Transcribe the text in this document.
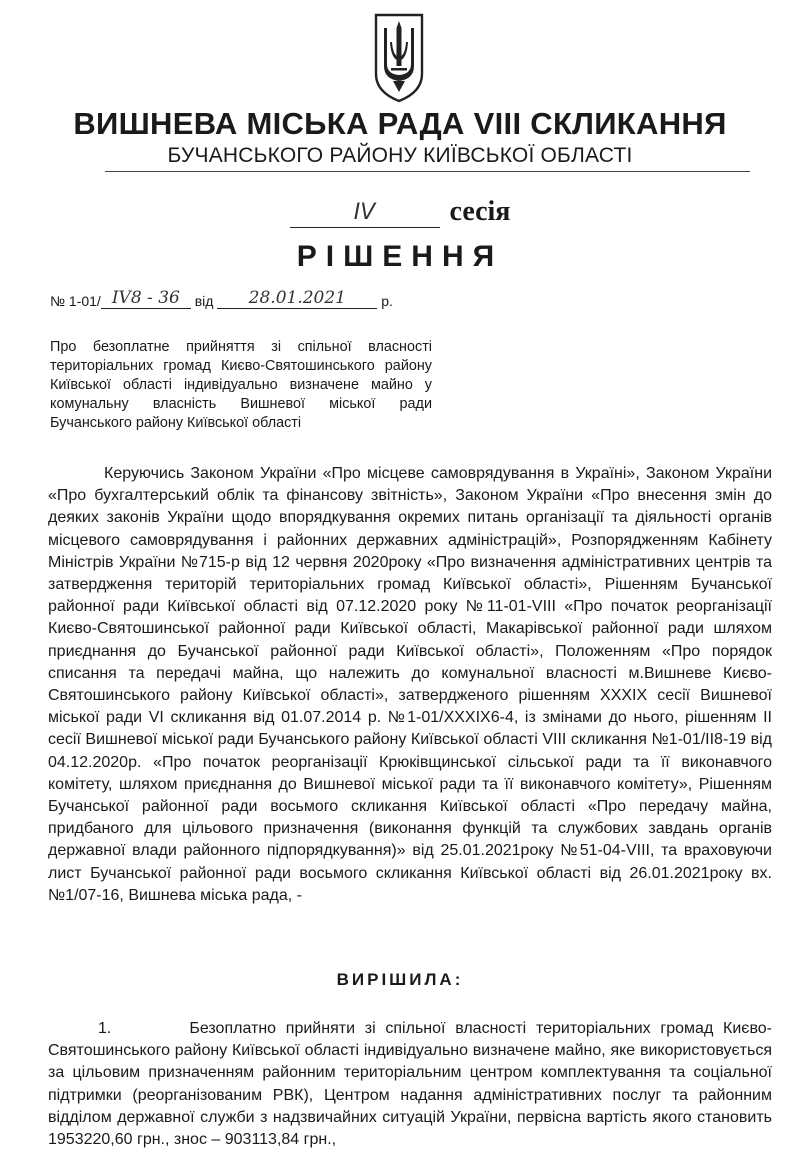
ВИШНЕВА МІСЬКА РАДА VIII СКЛИКАННЯ
БУЧАНСЬКОГО РАЙОНУ КИЇВСЬКОЇ ОБЛАСТІ
IV	сесія
РІШЕННЯ
№ 1-01/ IV8 - 36 від 28.01.2021	р.
Про безоплатне прийняття зі спільної власності територіальних громад Києво-Святошинського району Київської області індивідуально визначене майно у комунальну власність Вишневої міської ради Бучанського району Київської області

Керуючись Законом України «Про місцеве самоврядування в Україні», Законом України «Про бухгалтерський облік та фінансову звітність», Законом України «Про внесення змін до деяких законів України щодо впорядкування окремих питань організації та діяльності органів місцевого самоврядування і районних державних адміністрацій», Розпорядженням Кабінету Міністрів України №715-р від 12 червня 2020року «Про визначення адміністративних центрів та затвердження територій територіальних громад Київської області», Рішенням Бучанської районної ради Київської області від 07.12.2020 року №11-01-VIII «Про початок реорганізації Києво-Святошинської районної ради Київської області, Макарівської районної ради шляхом приєднання до Бучанської районної ради Київської області», Положенням «Про порядок списання та передачі майна, що належить до комунальної власності м.Вишневе Києво-Святошинського району Київської області», затвердженого рішенням XXXIX сесії Вишневої міської ради VI скликання від 01.07.2014 р. №1-01/XXXIX6-4, із змінами до нього, рішенням II сесії Вишневої міської ради Бучанського району Київської області VIII скликання №1-01/II8-19 від 04.12.2020р. «Про початок реорганізації Крюківщинської сільської ради та її виконавчого комітету, шляхом приєднання до Вишневої міської ради та її виконавчого комітету», Рішенням Бучанської районної ради восьмого скликання Київської області «Про передачу майна, придбаного для цільового призначення (виконання функцій та службових завдань органів державної влади районного підпорядкування)» від 25.01.2021року №51-04-VIII, та враховуючи лист Бучанської районної ради восьмого скликання Київської області від 26.01.2021року вх. №1/07-16, Вишнева міська рада, -

ВИРІШИЛА:

1.	Безоплатно прийняти зі спільної власності територіальних громад Києво-Святошинського району Київської області індивідуально визначене майно, яке використовується за цільовим призначенням районним територіальним центром комплектування та соціальної підтримки (реорганізованим РВК), Центром надання адміністративних послуг та районним відділом державної служби з надзвичайних ситуацій України, первісна вартість якого становить 1953220,60 грн., знос – 903113,84 грн.,
